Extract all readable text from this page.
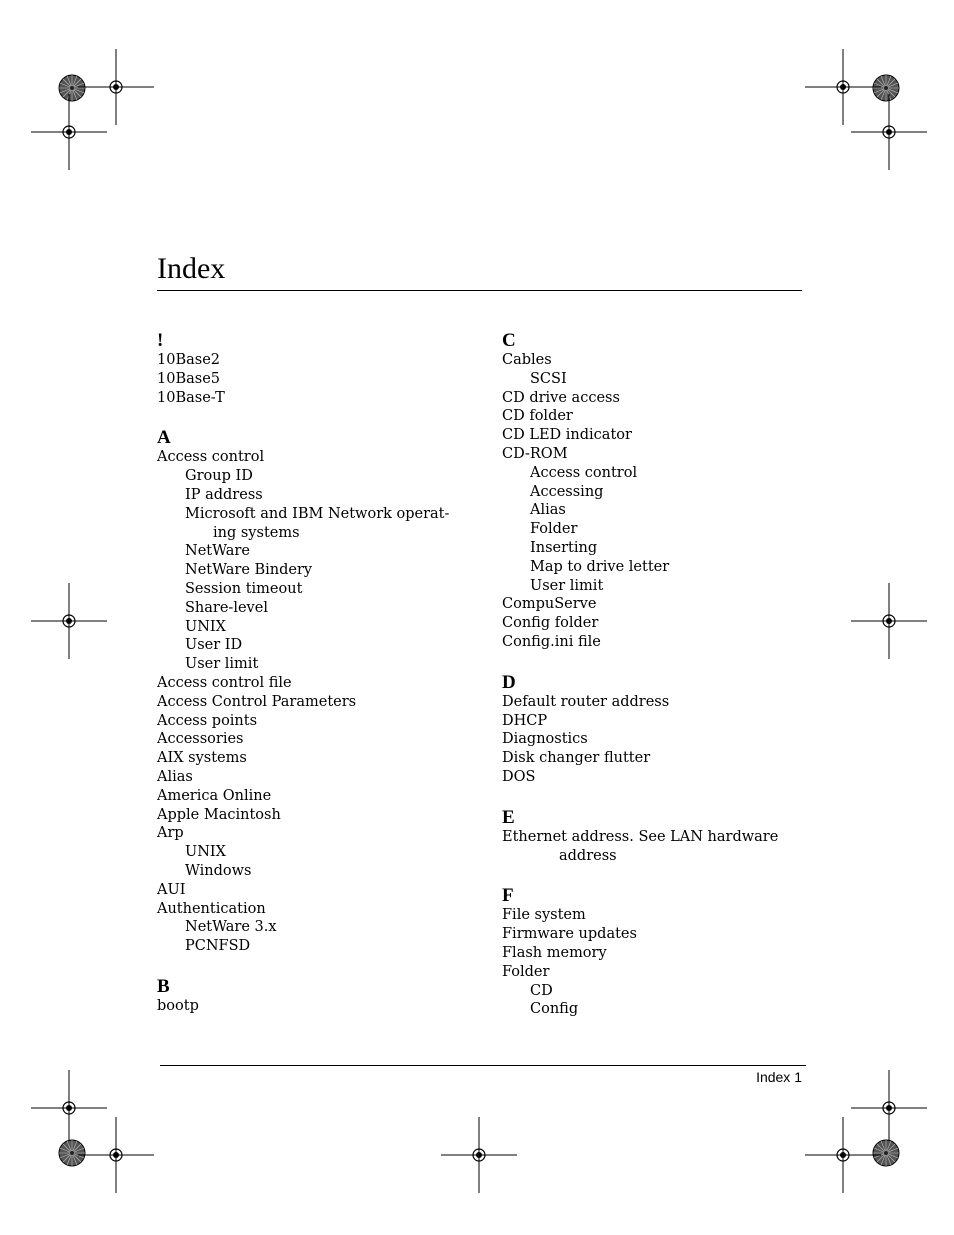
Index
!
10Base2
10Base5
10Base-T
A
Access control
Group ID
IP address
Microsoft and IBM Network operat-
ing systems
NetWare
NetWare Bindery
Session timeout
Share-level
UNIX
User ID
User limit
Access control file
Access Control Parameters
Access points
Accessories
AIX systems
Alias
America Online
Apple Macintosh
Arp
UNIX
Windows
AUI
Authentication
NetWare 3.x
PCNFSD
B
bootp
C
Cables
SCSI
CD drive access
CD folder
CD LED indicator
CD-ROM
Access control
Accessing
Alias
Folder
Inserting
Map to drive letter
User limit
CompuServe
Config folder
Config.ini file
D
Default router address
DHCP
Diagnostics
Disk changer flutter
DOS
E
Ethernet address. See LAN hardware
address
F
File system
Firmware updates
Flash memory
Folder
CD
Config
Index 1
